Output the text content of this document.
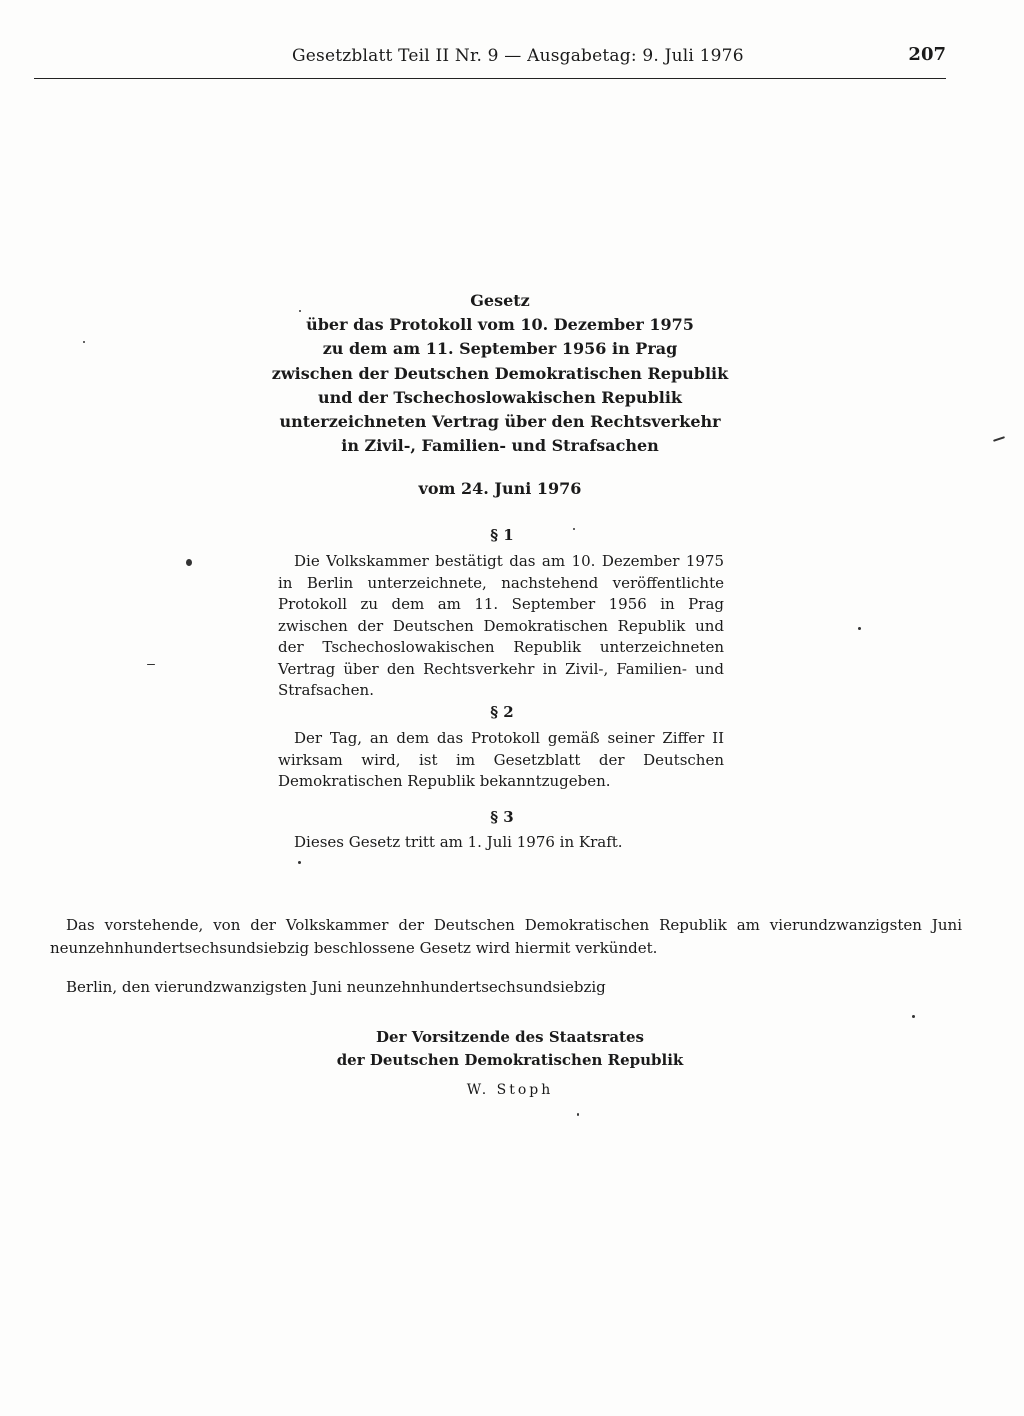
Gesetzblatt Teil II Nr. 9 — Ausgabetag: 9. Juli 1976	207
Gesetz
über das Protokoll vom 10. Dezember 1975
zu dem am 11. September 1956 in Prag
zwischen der Deutschen Demokratischen Republik
und der Tschechoslowakischen Republik
unterzeichneten Vertrag über den Rechtsverkehr
in Zivil-, Familien- und Strafsachen
vom 24. Juni 1976
§ 1
Die Volkskammer bestätigt das am 10. Dezember 1975 in Berlin unterzeichnete, nachstehend veröffentlichte Protokoll zu dem am 11. September 1956 in Prag zwischen der Deutschen Demokratischen Republik und der Tschechoslowakischen Republik unterzeichneten Vertrag über den Rechtsverkehr in Zivil-, Familien- und Strafsachen.
§ 2
Der Tag, an dem das Protokoll gemäß seiner Ziffer II wirksam wird, ist im Gesetzblatt der Deutschen Demokratischen Republik bekanntzugeben.
§ 3
Dieses Gesetz tritt am 1. Juli 1976 in Kraft.
Das vorstehende, von der Volkskammer der Deutschen Demokratischen Republik am vierundzwanzigsten Juni neunzehnhundertsechsundsiebzig beschlossene Gesetz wird hiermit verkündet.
Berlin, den vierundzwanzigsten Juni neunzehnhundertsechsundsiebzig
Der Vorsitzende des Staatsrates
der Deutschen Demokratischen Republik
W. Stoph
